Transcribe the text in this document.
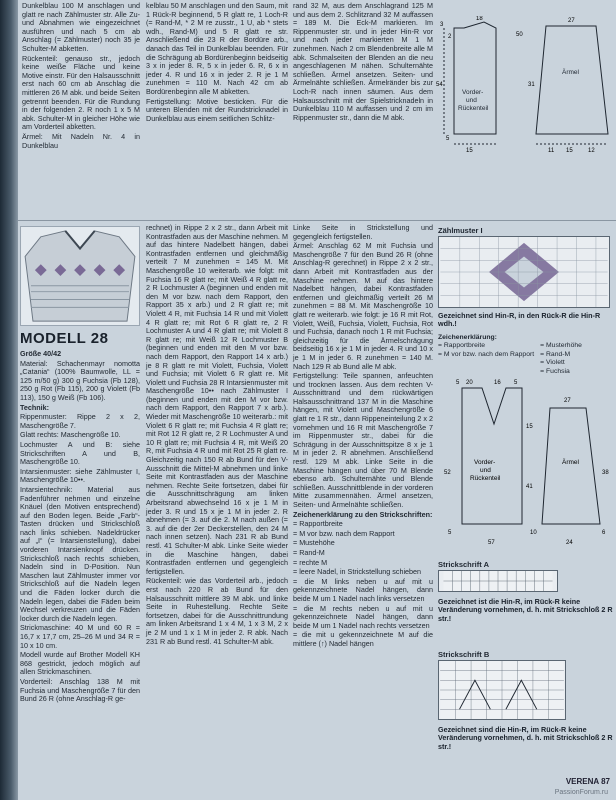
Dunkelblau 100 M anschlagen und glatt re nach Zählmuster str. Alle Zu- und Abnahmen wie eingezeichnet ausführen und nach 5 cm ab Anschlag (= Zählmuster) noch 35 je Schulter-M abketten.

Rückenteil: genauso str., jedoch keine weiße Fläche und keine Motive einstr. Für den Halsausschnitt erst nach 60 cm ab Anschlag die mittleren 26 M abk. und beide Seiten getrennt beenden. Für die Rundung in der folgenden 2. R noch 1 x 5 M abk. Schulter-M in gleicher Höhe wie am Vorderteil abketten.

Ärmel: Mit Nadeln Nr. 4 in Dunkelblau

kelblau 50 M anschlagen und den Saum, mit 1 Rück-R beginnend, 5 R glatt re, 1 Loch-R (= Rand-M, * 2 M re zusstr., 1 U, ab * stets wdh., Rand-M) und 5 R glatt re str. Anschließend die 23 R der Bordüre arb., danach das Teil in Dunkelblau beenden. Für die Schrägung ab Bordürenbeginn beidseitig 3 x in jeder 8. R, 5 x in jeder 6. R, 6 x in jeder 4. R und 16 x in jeder 2. R je 1 M zunehmen = 110 M. Nach 42 cm ab Bordürenbeginn alle M abketten.

Fertigstellung: Motive besticken. Für die unteren Blenden mit der Rundstricknadel in Dunkelblau aus einem seitlichen Schlitz-

rand 32 M, aus dem Anschlagrand 125 M und aus dem 2. Schlitzrand 32 M auffassen = 189 M. Die Eck-M markieren. Im Rippenmuster str. und in jeder Hin-R vor und nach jeder markierten M 1 M zunehmen. Nach 2 cm Blendenbreite alle M abk. Schmalseiten der Blenden an die neu angeschlagenen M nähen. Schulternähte schließen. Ärmel ansetzen. Seiten- und Ärmelnähte schließen. Ärmelränder bis zur Loch-R nach innen säumen. Aus dem Halsausschnitt mit der Spielstricknadeln in Dunkelblau 110 M auffassen und 2 cm im Rippenmuster str., dann die M abk.

Vorder-
und
Rückenteil
Ärmel
3
2
18
54
5
15
50
31
27
11 15	12
MODELL 28

Größe 40/42

Material: Schachenmayr nomotta „Catania“ (100% Baumwolle, LL = 125 m/50 g) 300 g Fuchsia (Fb 128), 250 g Rot (Fb 115), 200 g Violett (Fb 113), 150 g Weiß (Fb 106).

Technik:

Rippenmuster: Rippe 2 x 2, Maschengröße 7.

Glatt rechts: Maschengröße 10.

Lochmuster A und B: siehe Strickschriften A und B, Maschengröße 10.

Intarsienmuster: siehe Zählmuster I, Maschengröße 10••.

Intarsientechnik: Material aus Fadenführer nehmen und einzelne Knäuel (den Motiven entsprechend) auf den Boden legen. Beide „Farb“-Tasten drücken und Strickschloß nach links schieben. Nadeldrücker auf „I“ (= Intarsienstellung), dabei vorderen Intarsienknopf drücken. Strickschloß nach rechts schieben, Nadeln sind in D-Position. Nun Maschen laut Zählmuster immer vor Strickschloß auf die Nadeln legen und die Fäden locker durch die Nadeln legen, dabei die Fäden beim Wechsel verkreuzen und die Fäden locker durch die Nadeln legen.

Strickmaschine: 40 M und 60 R = 16,7 x 17,7 cm, 25–26 M und 34 R = 10 x 10 cm.

Modell wurde auf Brother Modell KH 868 gestrickt, jedoch möglich auf allen Strickmaschinen.

Vorderteil: Anschlag 138 M mit Fuchsia und Maschengröße 7 für den Bund 26 R (ohne Anschlag-R ge-

rechnet) in Rippe 2 x 2 str., dann Arbeit mit Kontrastfaden aus der Maschine nehmen. M auf das hintere Nadelbett hängen, dabei Kontrastfaden entfernen und gleichmäßig verteilt 7 M zunehmen = 145 M. Mit Maschengröße 10 weiterarb. wie folgt: mit Fuchsia 16 R glatt re; mit Weiß 4 R glatt re, 2 R Lochmuster A (beginnen und enden mit den M vor bzw. nach dem Rapport, den Rapport 35 x arb.) und 2 R glatt re; mit Violett 4 R, mit Fuchsia 14 R und mit Violett 4 R glatt re; mit Rot 6 R glatt re, 2 R Lochmuster A und 4 R glatt re; mit Violett 8 R glatt re; mit Weiß 12 R Lochmuster B (beginnen und enden mit den M vor bzw. nach dem Rapport, den Rapport 14 x arb.) je 8 R glatt re mit Violett, Fuchsia, Violett und Fuchsia; mit Violett 6 R glatt re. Mit Violett und Fuchsia 28 R Intarsienmuster mit Maschengröße 10•• nach Zählmuster I (beginnen und enden mit den M vor bzw. nach dem Rapport, den Rapport 7 x arb.). Wieder mit Maschengröße 10 weiterarb.: mit Violett 6 R glatt re; mit Fuchsia 4 R glatt re; mit Rot 12 R glatt re, 2 R Lochmuster A und 10 R glatt re; mit Fuchsia 4 R, mit Weiß 20 R, mit Fuchsia 4 R und mit Rot 25 R glatt re. Gleichzeitig nach 150 R ab Bund für den V-Ausschnitt die Mittel-M abnehmen und linke Seite mit Kontrastfaden aus der Maschine nehmen. Rechte Seite fortsetzen, dabei für die Ausschnittschrägung am linken Arbeitsrand abwechselnd 16 x je 1 M in jeder 3. R und 15 x je 1 M in jeder 2. R abnehmen (= 3. auf die 2. M nach außen (= 3. auf die der 2er Deckerstellen, den 24 M nach innen setzen). Nach 231 R ab Bund restl. 41 Schulter-M abk. Linke Seite wieder in die Maschine hängen, dabei Kontrastfaden entfernen und gegengleich fertigstellen.

Rückenteil: wie das Vorderteil arb., jedoch erst nach 220 R ab Bund für den Halsausschnitt mittlere 39 M abk. und linke Seite in Ruhestellung. Rechte Seite fortsetzen, dabei für die Ausschnittrundung am linken Arbeitsrand 1 x 4 M, 1 x 3 M, 2 x je 2 M und 1 x 1 M in jeder 2. R abk. Nach 231 R ab Bund restl. 41 Schulter-M abk.

Linke Seite in Strickstellung und gegengleich fertigstellen.

Ärmel: Anschlag 62 M mit Fuchsia und Maschengröße 7 für den Bund 26 R (ohne Anschlag-R gerechnet) in Rippe 2 x 2 str., dann Arbeit mit Kontrastfaden aus der Maschine nehmen. M auf das hintere Nadelbett hängen, dabei Kontrastfaden entfernen und gleichmäßig verteilt 26 M zunehmen = 88 M. Mit Maschengröße 10 glatt re weiterarb. wie folgt: je 16 R mit Rot, Violett, Weiß, Fuchsia, Violett, Fuchsia, Rot und Fuchsia, danach noch 1 R mit Fuchsia; gleichzeitig für die Ärmelschrägung beidseitig 16 x je 1 M in jeder 4. R und 10 x je 1 M in jeder 6. R zunehmen = 140 M. Nach 129 R ab Bund alle M abk.

Fertigstellung: Teile spannen, anfeuchten und trocknen lassen. Aus dem rechten V-Ausschnittrand und dem rückwärtigen Halsausschnittrand 137 M in die Maschine hängen, mit Violett und Maschengröße 6 glatt re 1 R str., dann Rippeneinteilung 2 x 2 vornehmen und 16 R mit Maschengröße 7 im Rippenmuster str., dabei für die Schrägung in der Ausschnittspitze 8 x je 1 M in jeder 2. R abnehmen. Anschließend restl. 129 M abk. Linke Seite in die Maschine hängen und über 70 M Blende ebenso arb. Schulternähte und Blende schließen. Ausschnittblende in der vorderen Mitte zusammennähen. Ärmel ansetzen, Seiten- und Ärmelnähte schließen.

Zeichenerklärung zu den Strickschriften:

= Rapportbreite

= M vor bzw. nach dem Rapport

= Mustehöhe

= Rand-M

= rechte M

= leere Nadel, in Strickstellung schieben

= die M links neben u auf mit u gekennzeichnete Nadel hängen, dann beide M um 1 Nadel nach links versetzen

= die M rechts neben u auf mit u gekennzeichnete Nadel hängen, dann beide M um 1 Nadel nach rechts versetzen

= die mit u gekennzeichnete M auf die mittlere (↑) Nadel hängen

Zählmuster I
Gezeichnet sind Hin-R, in den Rück-R die Hin-R wdh.!
Zeichenerklärung:
= Rapportbreite
= M vor bzw. nach dem Rapport
= Musterhöhe
= Rand-M
= Violett
= Fuchsia
Vorder-
und
Rückenteil
Ärmel
5 20	16 5
15
52
41
5
57
27
38
24
10	6
Strickschrift A
Gezeichnet ist die Hin-R, im Rück-R keine Veränderung vornehmen, d. h. mit Strickschloß 2 R str.!
Strickschrift B
Gezeichnet sind die Hin-R, im Rück-R keine Veränderung vornehmen, d. h. mit Strickschloß 2 R str.!
VERENA 87
PassionForum.ru
